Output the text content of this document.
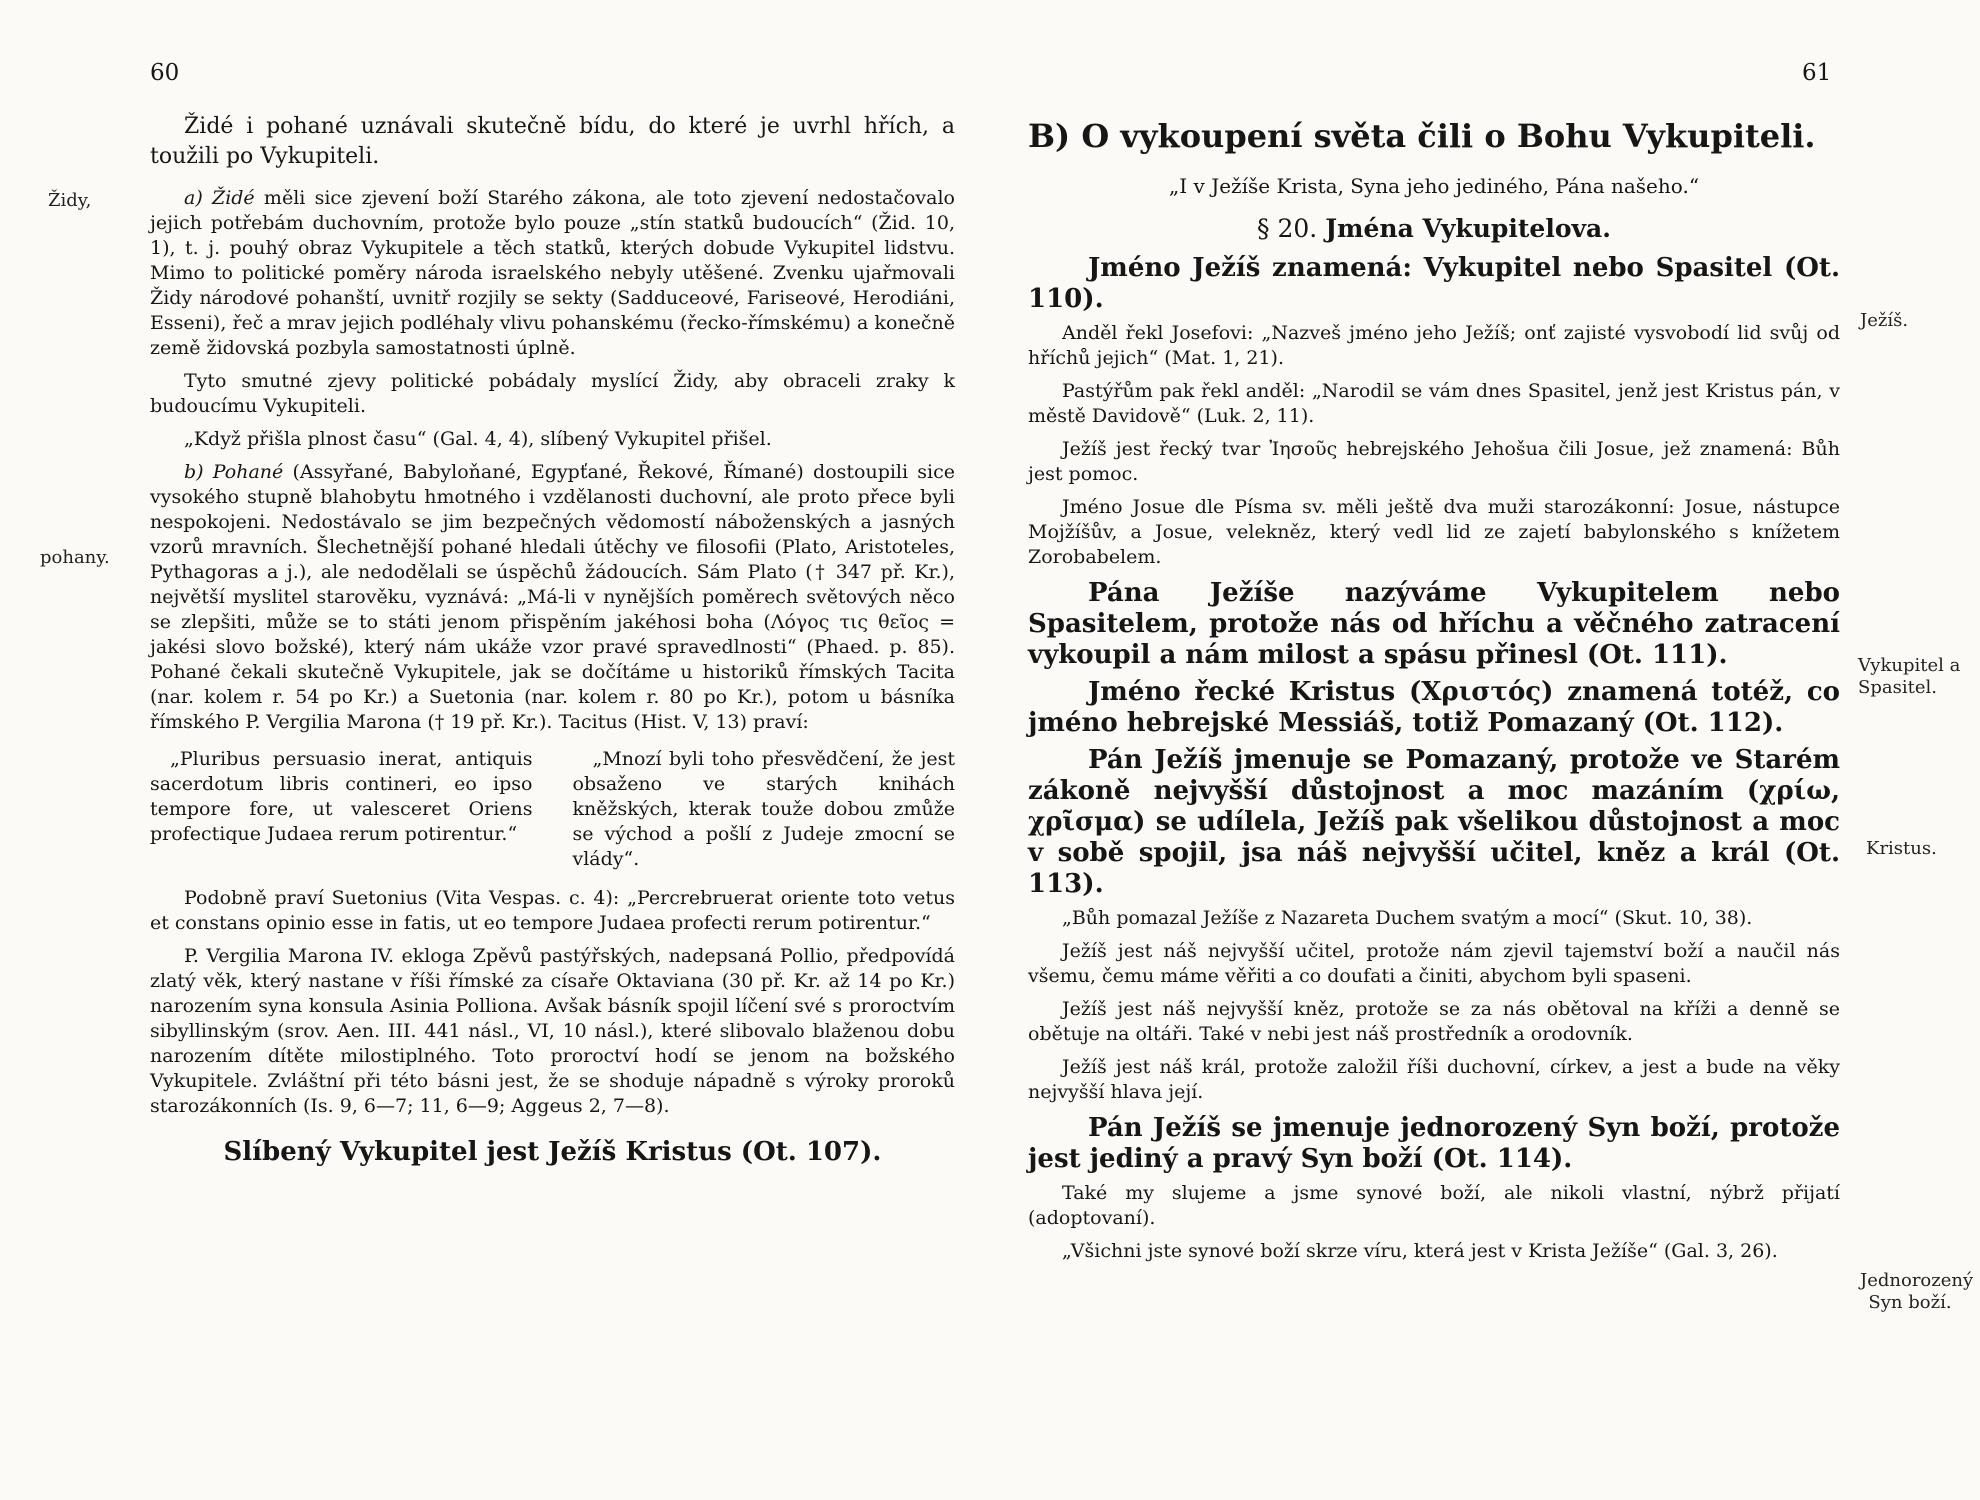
60
Židy,
pohany.

Židé i pohané uznávali skutečně bídu, do které je uvrhl hřích, a toužili po Vykupiteli.

a) Židé měli sice zjevení boží Starého zákona, ale toto zjevení nedostačovalo jejich potřebám duchovním, protože bylo pouze „stín statků budoucích“ (Žid. 10, 1), t. j. pouhý obraz Vykupitele a těch statků, kterých dobude Vykupitel lidstvu. Mimo to politické poměry národa israelského nebyly utěšené. Zvenku ujařmovali Židy národové pohanští, uvnitř rozjily se sekty (Sadduceové, Fariseové, Herodiáni, Esseni), řeč a mrav jejich podléhaly vlivu pohanskému (řecko-římskému) a konečně země židovská pozbyla samostatnosti úplně.

Tyto smutné zjevy politické pobádaly myslící Židy, aby obraceli zraky k budoucímu Vykupiteli.

„Když přišla plnost času“ (Gal. 4, 4), slíbený Vykupitel přišel.

b) Pohané (Assyřané, Babyloňané, Egypťané, Řekové, Římané) dostoupili sice vysokého stupně blahobytu hmotného i vzdělanosti duchovní, ale proto přece byli nespokojeni. Nedostávalo se jim bezpečných vědomostí náboženských a jasných vzorů mravních. Šlechetnější pohané hledali útěchy ve filosofii (Plato, Aristoteles, Pythagoras a j.), ale nedodělali se úspěchů žádoucích. Sám Plato († 347 př. Kr.), největší myslitel starověku, vyznává: „Má-li v nynějších poměrech světových něco se zlepšiti, může se to státi jenom přispěním jakéhosi boha (Λόγος τις θεῖος = jakési slovo božské), který nám ukáže vzor pravé spravedlnosti“ (Phaed. p. 85). Pohané čekali skutečně Vykupitele, jak se dočítáme u historiků římských Tacita (nar. kolem r. 54 po Kr.) a Suetonia (nar. kolem r. 80 po Kr.), potom u básníka římského P. Vergilia Marona († 19 př. Kr.). Tacitus (Hist. V, 13) praví:

„Pluribus persuasio inerat, antiquis sacerdotum libris contineri, eo ipso tempore fore, ut valesceret Oriens profectique Judaea rerum potirentur.“
„Mnozí byli toho přesvědčení, že jest obsaženo ve starých knihách kněžských, kterak touže dobou zmůže se východ a pošlí z Judeje zmocní se vlády“.

Podobně praví Suetonius (Vita Vespas. c. 4): „Percrebruerat oriente toto vetus et constans opinio esse in fatis, ut eo tempore Judaea profecti rerum potirentur.“

P. Vergilia Marona IV. ekloga Zpěvů pastýřských, nadepsaná Pollio, předpovídá zlatý věk, který nastane v říši římské za císaře Oktaviana (30 př. Kr. až 14 po Kr.) narozením syna konsula Asinia Polliona. Avšak básník spojil líčení své s proroctvím sibyllinským (srov. Aen. III. 441 násl., VI, 10 násl.), které slibovalo blaženou dobu narozením dítěte milostiplného. Toto proroctví hodí se jenom na božského Vykupitele. Zvláštní při této básni jest, že se shoduje nápadně s výroky proroků starozákonních (Is. 9, 6—7; 11, 6—9; Aggeus 2, 7—8).

Slíbený Vykupitel jest Ježíš Kristus (Ot. 107).
61
Ježíš.
Vykupitel a Spasitel.
Kristus.
Jednorozený Syn boží.
B) O vykoupení světa čili o Bohu Vykupiteli.
„I v Ježíše Krista, Syna jeho jediného, Pána našeho.“
§ 20. Jména Vykupitelova.

Jméno Ježíš znamená: Vykupitel nebo Spasitel (Ot. 110).

Anděl řekl Josefovi: „Nazveš jméno jeho Ježíš; onť zajisté vysvobodí lid svůj od hříchů jejich“ (Mat. 1, 21).

Pastýřům pak řekl anděl: „Narodil se vám dnes Spasitel, jenž jest Kristus pán, v městě Davidově“ (Luk. 2, 11).

Ježíš jest řecký tvar Ἰησοῦς hebrejského Jehošua čili Josue, jež znamená: Bůh jest pomoc.

Jméno Josue dle Písma sv. měli ještě dva muži starozákonní: Josue, nástupce Mojžíšův, a Josue, velekněz, který vedl lid ze zajetí babylonského s knížetem Zorobabelem.

Pána Ježíše nazýváme Vykupitelem nebo Spasitelem, protože nás od hříchu a věčného zatracení vykoupil a nám milost a spásu přinesl (Ot. 111).

Jméno řecké Kristus (Χριστός) znamená totéž, co jméno hebrejské Messiáš, totiž Pomazaný (Ot. 112).

Pán Ježíš jmenuje se Pomazaný, protože ve Starém zákoně nejvyšší důstojnost a moc mazáním (χρίω, χρῖσμα) se udílela, Ježíš pak všelikou důstojnost a moc v sobě spojil, jsa náš nejvyšší učitel, kněz a král (Ot. 113).

„Bůh pomazal Ježíše z Nazareta Duchem svatým a mocí“ (Skut. 10, 38).

Ježíš jest náš nejvyšší učitel, protože nám zjevil tajemství boží a naučil nás všemu, čemu máme věřiti a co doufati a činiti, abychom byli spaseni.

Ježíš jest náš nejvyšší kněz, protože se za nás obětoval na kříži a denně se obětuje na oltáři. Také v nebi jest náš prostředník a orodovník.

Ježíš jest náš král, protože založil říši duchovní, církev, a jest a bude na věky nejvyšší hlava její.

Pán Ježíš se jmenuje jednorozený Syn boží, protože jest jediný a pravý Syn boží (Ot. 114).

Také my slujeme a jsme synové boží, ale nikoli vlastní, nýbrž přijatí (adoptovaní).

„Všichni jste synové boží skrze víru, která jest v Krista Ježíše“ (Gal. 3, 26).
